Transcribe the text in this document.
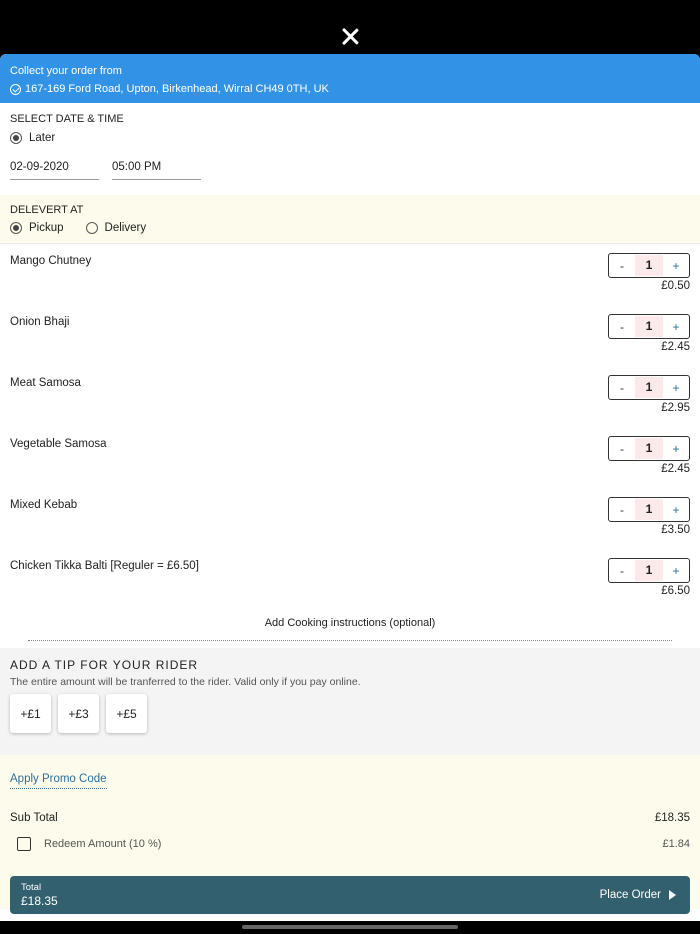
Collect your order from
167-169 Ford Road, Upton, Birkenhead, Wirral CH49 0TH, UK
SELECT DATE & TIME
Later
02-09-2020	05:00 PM
DELEVERT AT
Pickup	Delivery
Mango Chutney	-	1	+
£0.50
Onion Bhaji	-	1	+
£2.45
Meat Samosa	-	1	+
£2.95
Vegetable Samosa	-	1	+
£2.45
Mixed Kebab	-	1	+
£3.50
Chicken Tikka Balti [Reguler = £6.50]	-	1	+
£6.50
Add Cooking instructions (optional)
ADD A TIP FOR YOUR RIDER
The entire amount will be tranferred to the rider. Valid only if you pay online.
+£1	+£3	+£5
Apply Promo Code
Sub Total	£18.35
Redeem Amount (10 %)	£1.84
Total
£18.35	Place Order
